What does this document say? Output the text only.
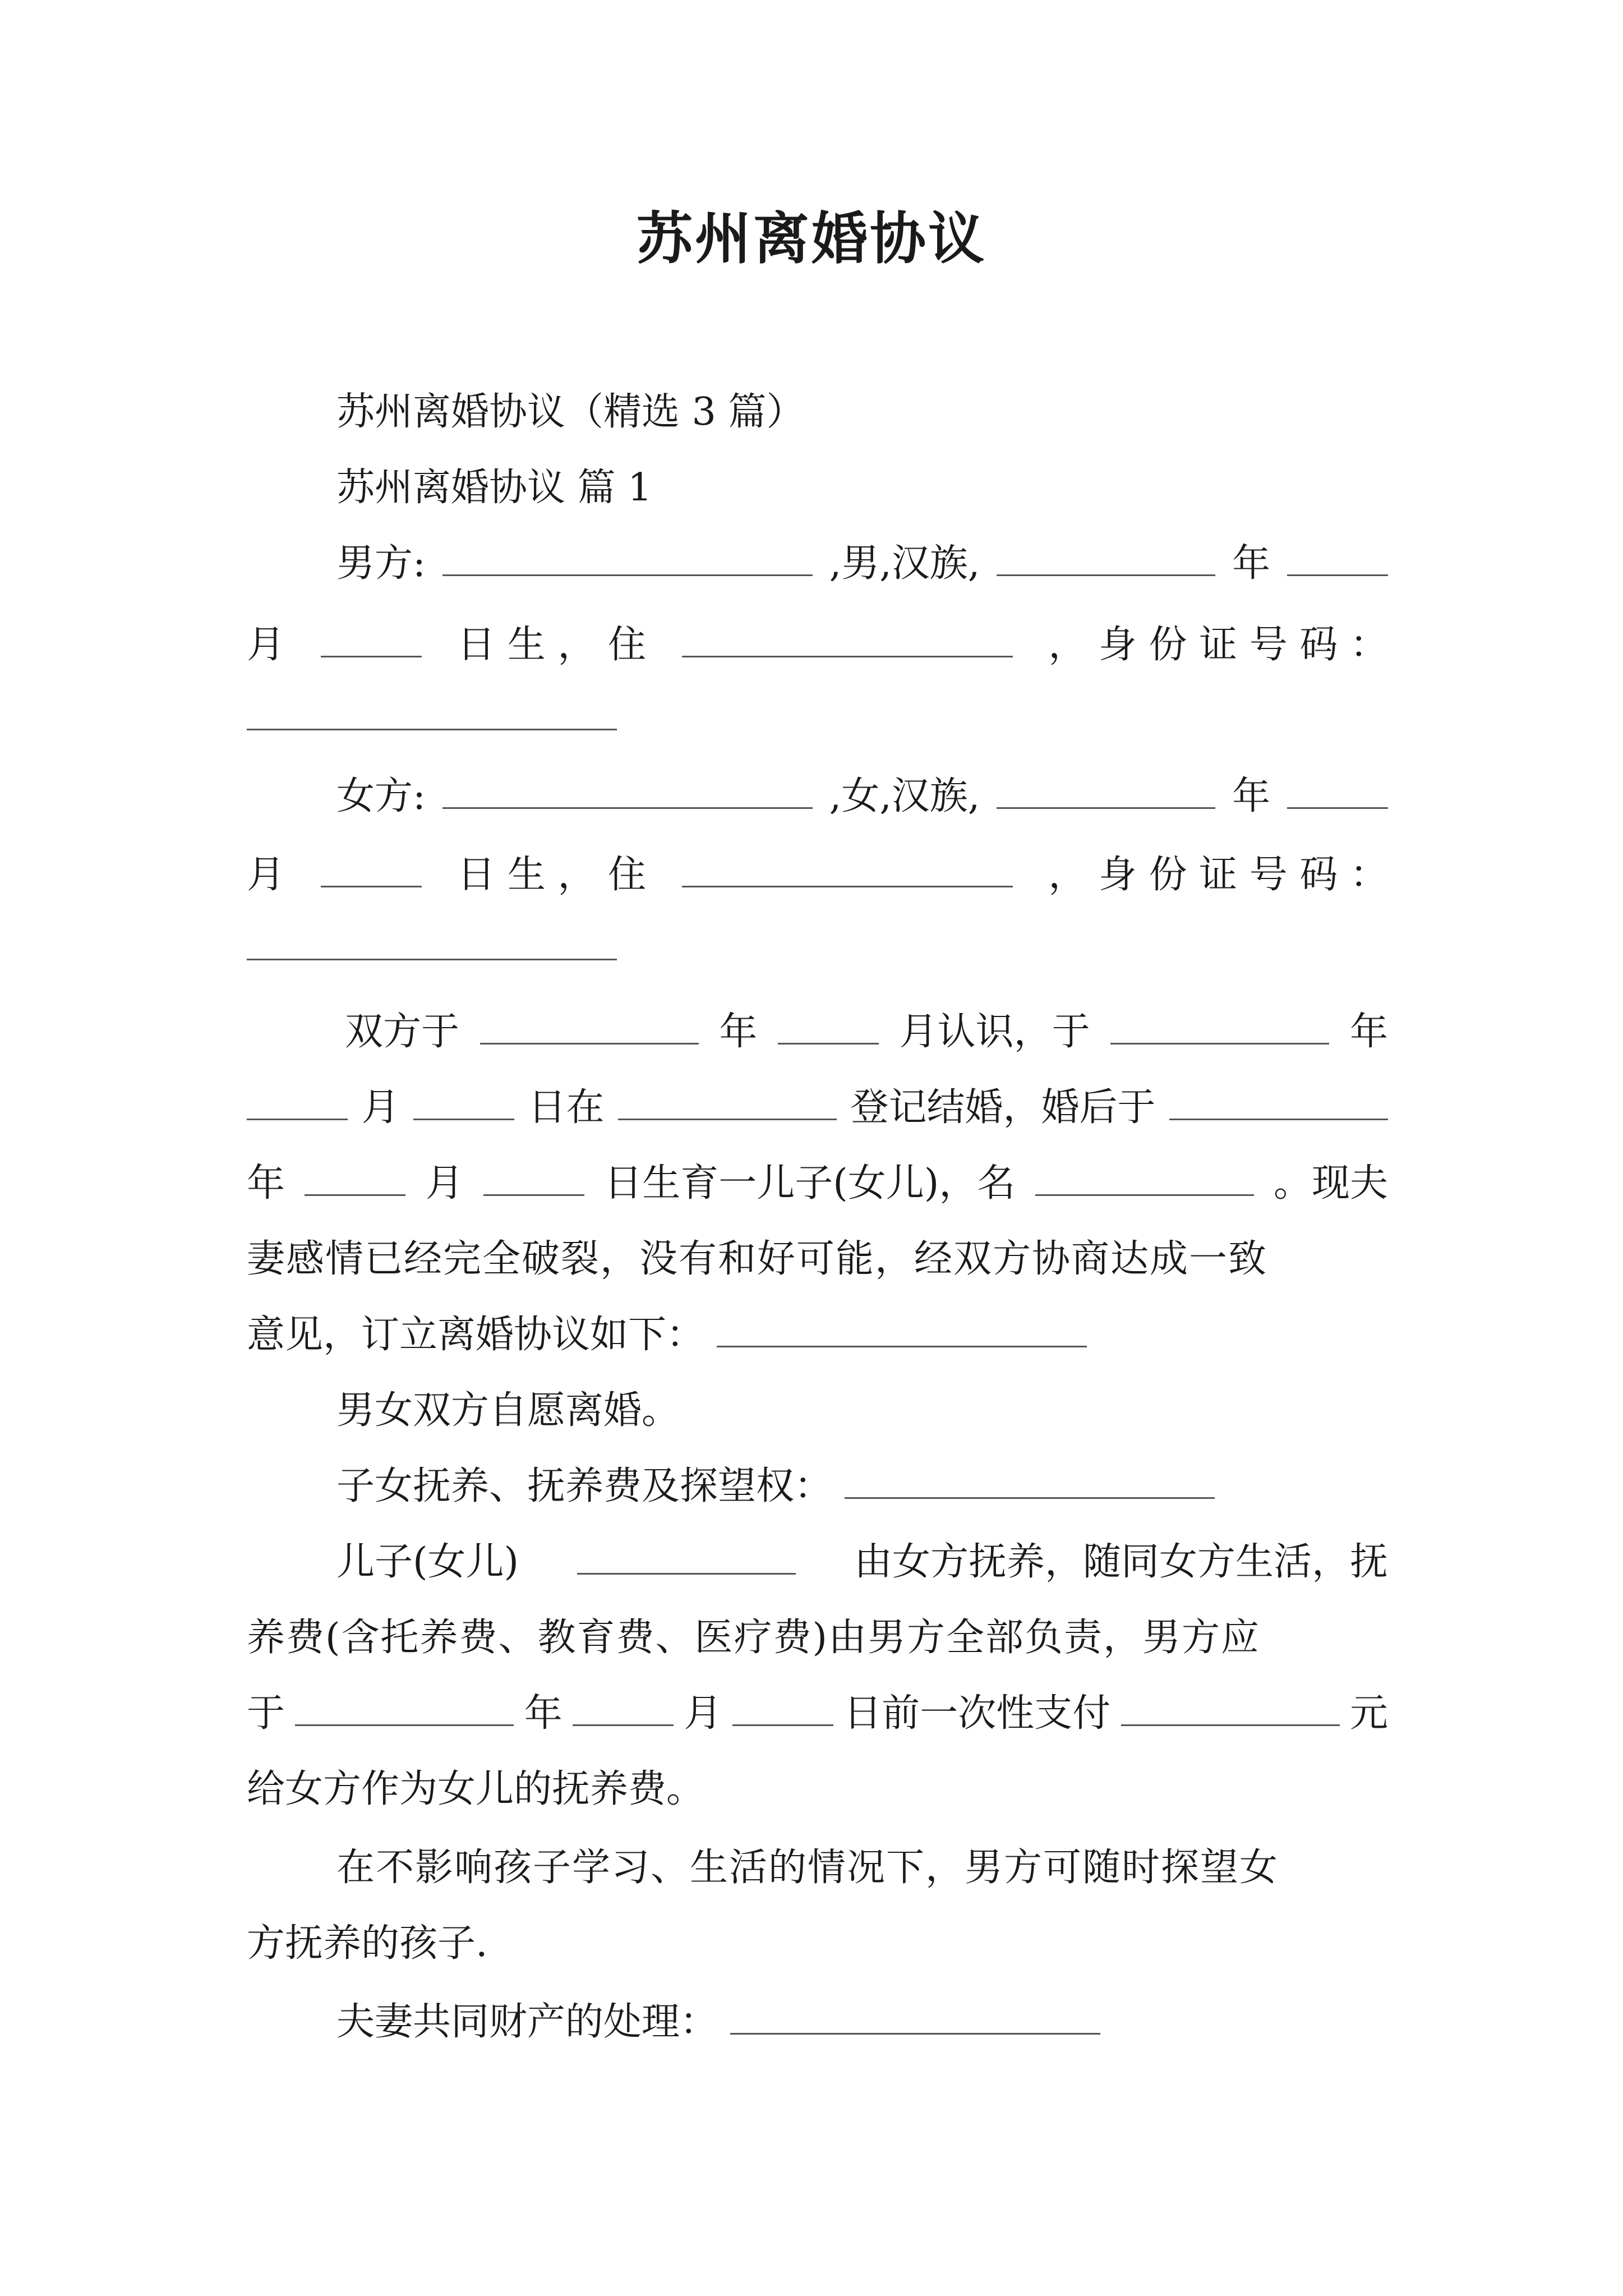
苏州离婚协议
苏州离婚协议（精选 3 篇）
苏州离婚协议 篇 1
男方:	,男,汉族,	年
月	日 生 ， 住	， 身 份 证 号 码 ：
女方:	,女,汉族,	年
月	日 生 ， 住	， 身 份 证 号 码 ：
双方于	年	月认识，于	年
月	日在	登记结婚，婚后于
年	月	日生育一儿子(女儿)，名	。现夫
妻感情已经完全破裂，没有和好可能，经双方协商达成一致
意见，订立离婚协议如下：
男女双方自愿离婚。
子女抚养、抚养费及探望权：
儿子(女儿)	由女方抚养，随同女方生活，抚
养费(含托养费、教育费、医疗费)由男方全部负责，男方应
于	年	月	日前一次性支付	元
给女方作为女儿的抚养费。
在不影响孩子学习、生活的情况下，男方可随时探望女
方抚养的孩子.
夫妻共同财产的处理：
